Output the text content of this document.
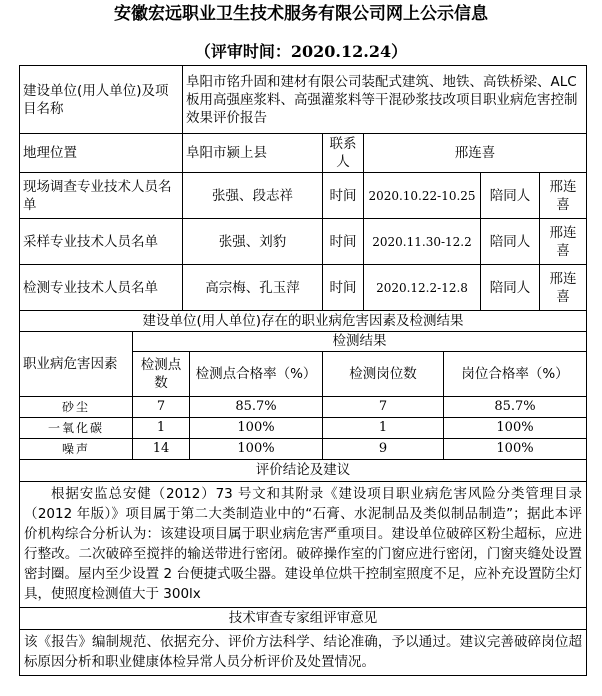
安徽宏远职业卫生技术服务有限公司网上公示信息
（评审时间：2020.12.24）
建设单位(用人单位)及项目名称	阜阳市铭升固和建材有限公司装配式建筑、地铁、高铁桥梁、ALC板用高强座浆料、高强灌浆料等干混砂浆技改项目职业病危害控制效果评价报告				
地理位置	阜阳市颍上县	联系人	邢连喜		
现场调查专业技术人员名单	张强、段志祥	时间	2020.10.22-10.25	陪同人	邢连喜
采样专业技术人员名单	张强、刘豹	时间	2020.11.30-12.2	陪同人	邢连喜
检测专业技术人员名单	高宗梅、孔玉萍	时间	2020.12.2-12.8	陪同人	邢连喜
建设单位(用人单位)存在的职业病危害因素及检测结果				
职业病危害因素	检测结果			
	检测点数	检测点合格率（%）	检测岗位数	岗位合格率（%）
砂尘	7	85.7%	7	85.7%
一氧化碳	1	100%	1	100%
噪声	14	100%	9	100%
评价结论及建议				
根据安监总安健（2012）73 号文和其附录《建设项目职业病危害风险分类管理目录（2012 年版）》项目属于第二大类制造业中的“石膏、水泥制品及类似制品制造”；据此本评价机构综合分析认为：该建设项目属于职业病危害严重项目。建设单位破碎区粉尘超标，应进行整改。二次破碎至搅拌的输送带进行密闭。破碎操作室的门窗应进行密闭，门窗夹缝处设置密封圈。屋内至少设置 2 台便捷式吸尘器。建设单位烘干控制室照度不足，应补充设置防尘灯具，使照度检测值大于 300lx				
技术审查专家组评审意见				
该《报告》编制规范、依据充分、评价方法科学、结论准确，予以通过。建议完善破碎岗位超标原因分析和职业健康体检异常人员分析评价及处置情况。				
